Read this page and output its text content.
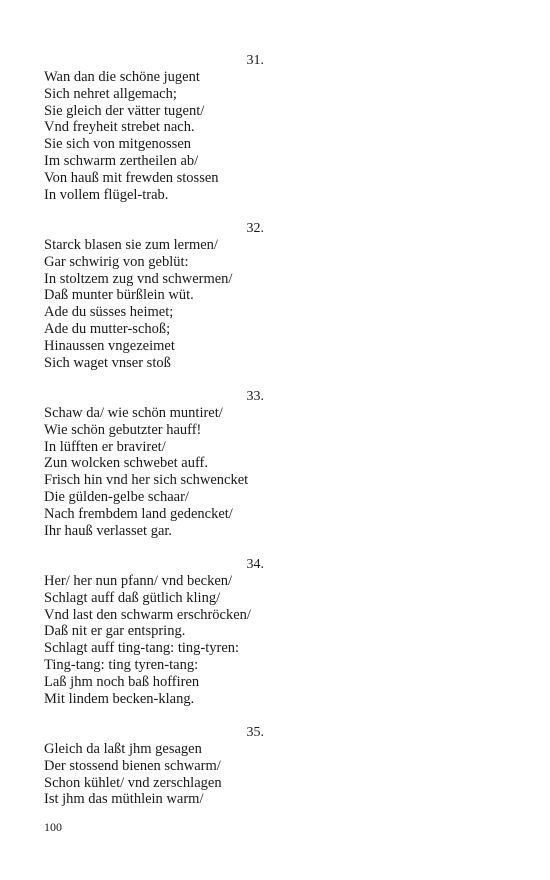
31.
Wan dan die schöne jugent
Sich nehret allgemach;
Sie gleich der vätter tugent/
Vnd freyheit strebet nach.
Sie sich von mitgenossen
Im schwarm zertheilen ab/
Von hauß mit frewden stossen
In vollem flügel-trab.
32.
Starck blasen sie zum lermen/
Gar schwirig von geblüt:
In stoltzem zug vnd schwermen/
Daß munter bürßlein wüt.
Ade du süsses heimet;
Ade du mutter-schoß;
Hinaussen vngezeimet
Sich waget vnser stoß
33.
Schaw da/ wie schön muntiret/
Wie schön gebutzter hauff!
In lüfften er braviret/
Zun wolcken schwebet auff.
Frisch hin vnd her sich schwencket
Die gülden-gelbe schaar/
Nach frembdem land gedencket/
Ihr hauß verlasset gar.
34.
Her/ her nun pfann/ vnd becken/
Schlagt auff daß gütlich kling/
Vnd last den schwarm erschröcken/
Daß nit er gar entspring.
Schlagt auff ting-tang: ting-tyren:
Ting-tang: ting tyren-tang:
Laß jhm noch baß hoffiren
Mit lindem becken-klang.
35.
Gleich da laßt jhm gesagen
Der stossend bienen schwarm/
Schon kühlet/ vnd zerschlagen
Ist jhm das müthlein warm/
100
